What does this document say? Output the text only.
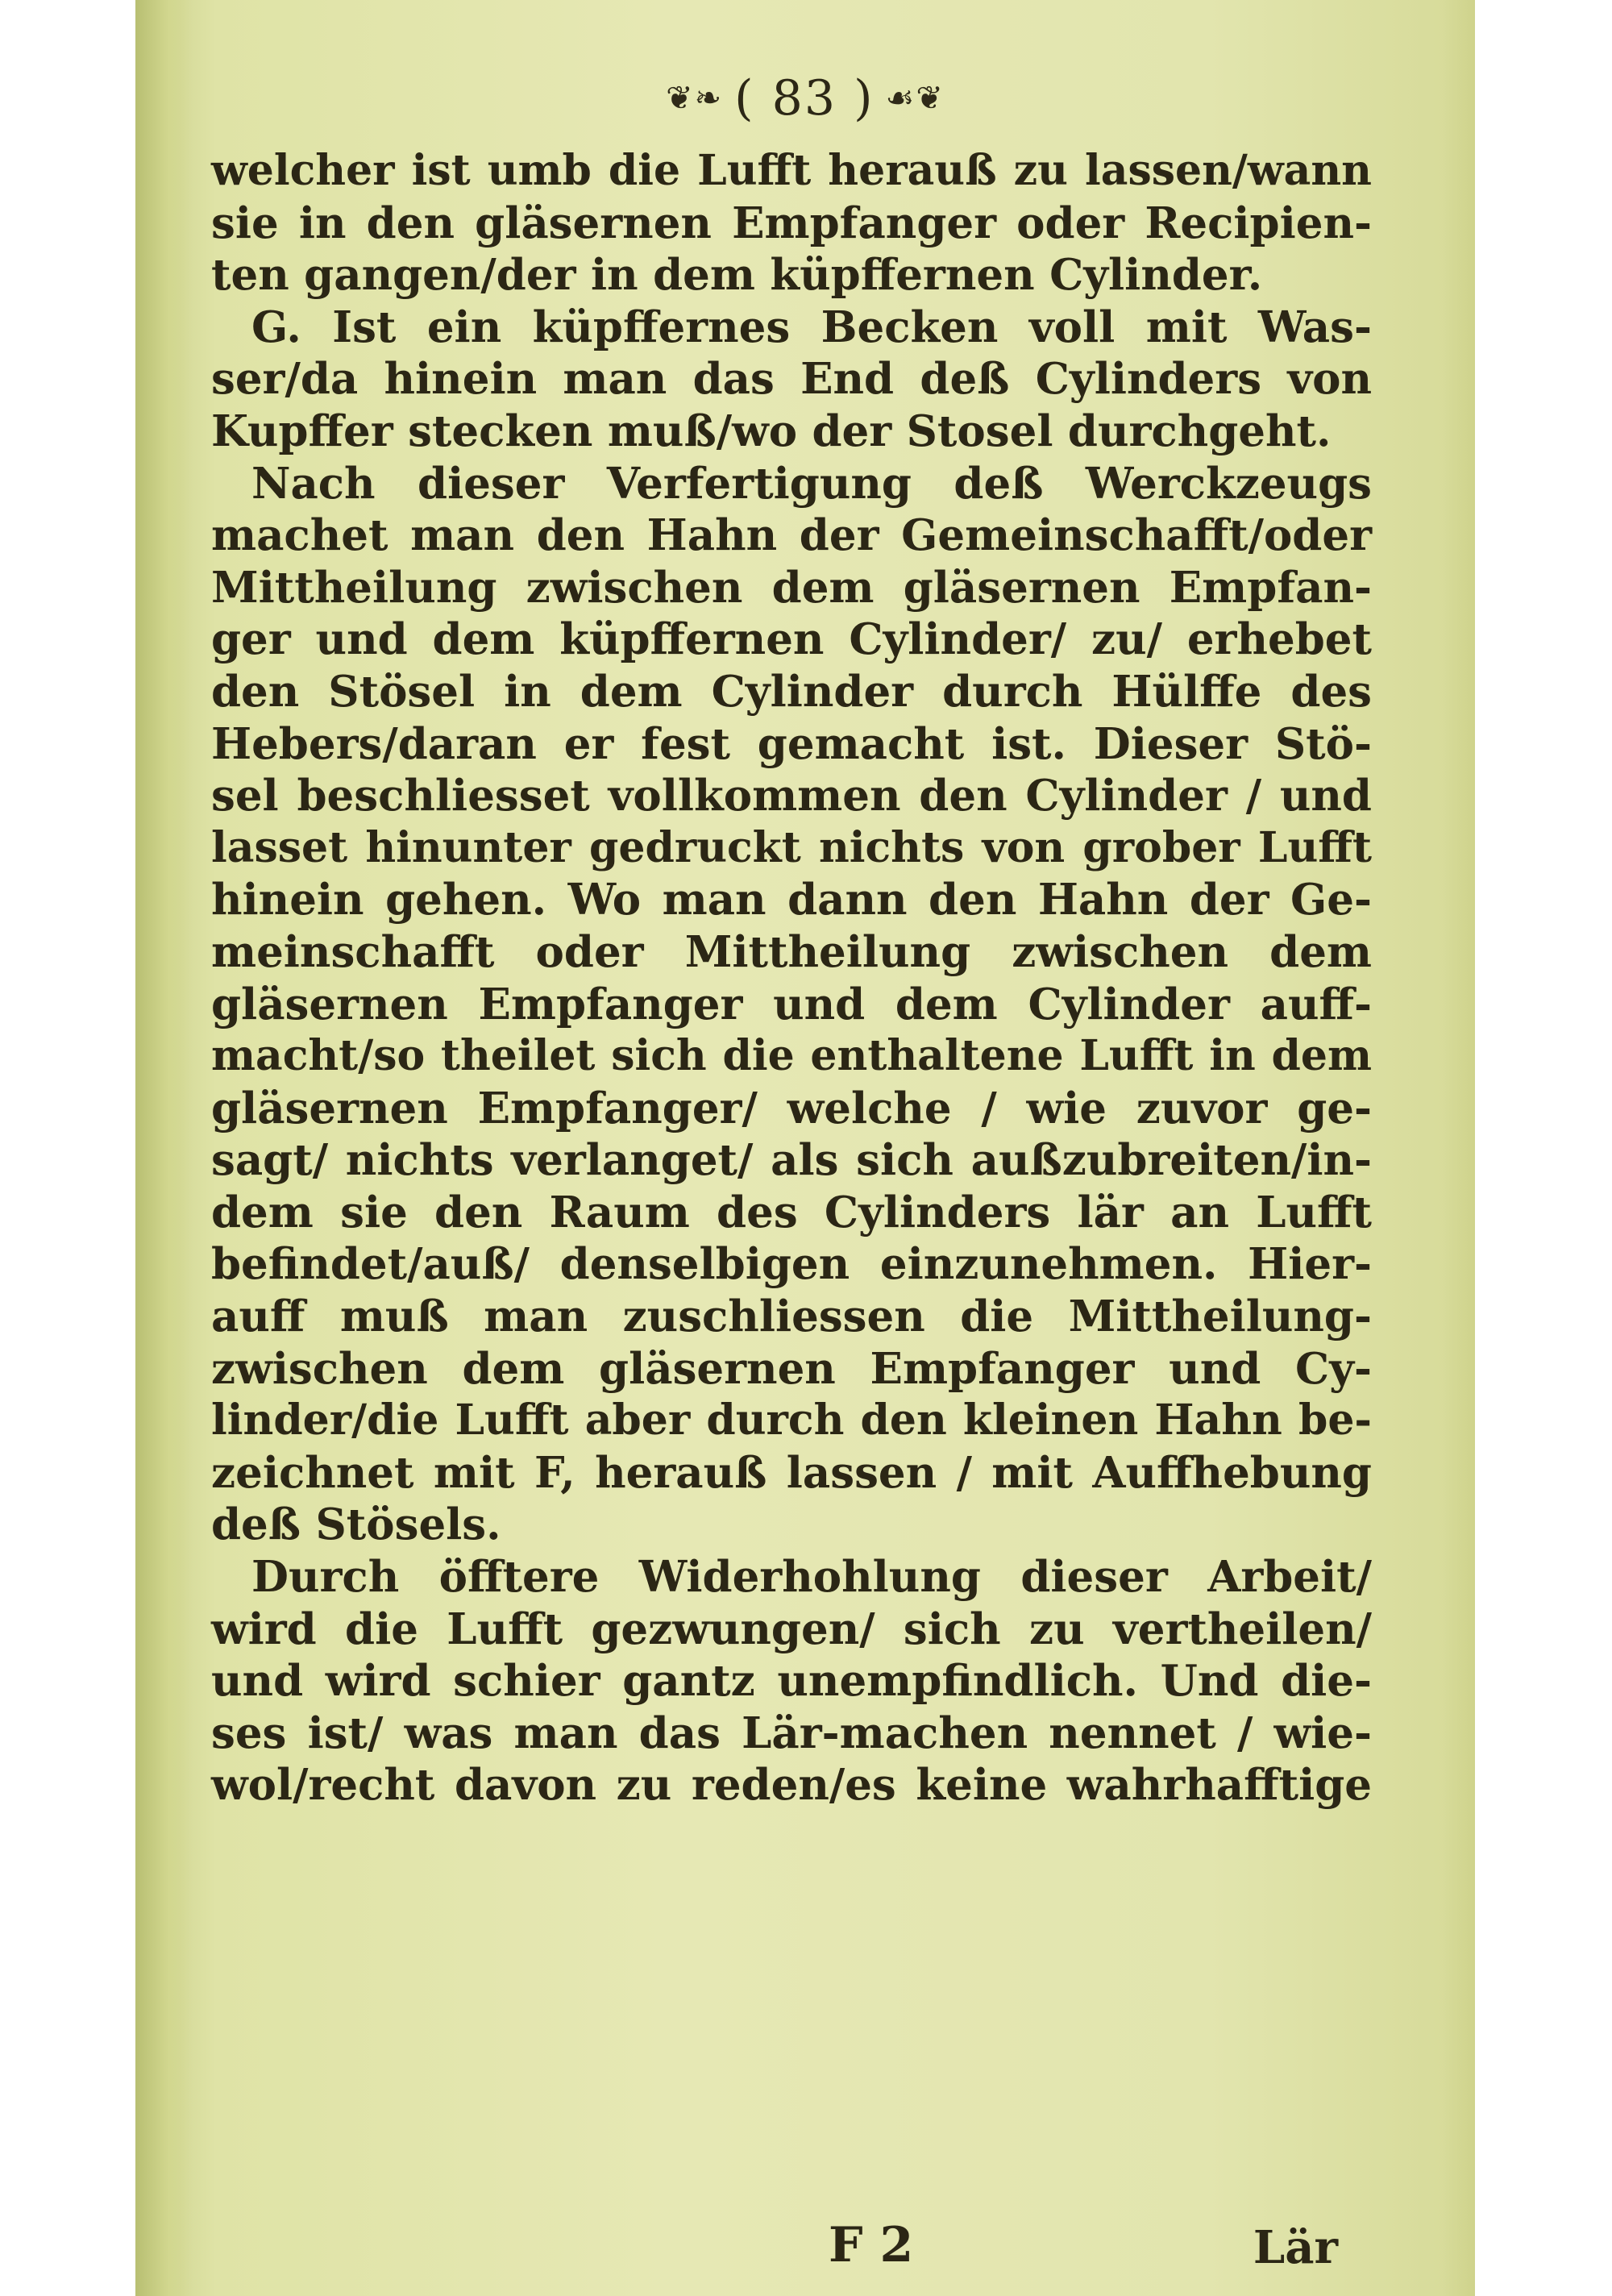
❦❧ ( 83 ) ☙❦
welcher ist umb die Lufft herauß zu lassen/wann
sie in den gläsernen Empfanger oder Recipien-
ten gangen/der in dem küpffernen Cylinder.
G. Ist ein küpffernes Becken voll mit Was-
ser/da hinein man das End deß Cylinders von
Kupffer stecken muß/wo der Stosel durchgeht.
Nach dieser Verfertigung deß Werckzeugs
machet man den Hahn der Gemeinschafft/oder
Mittheilung zwischen dem gläsernen Empfan-
ger und dem küpffernen Cylinder/ zu/ erhebet
den Stösel in dem Cylinder durch Hülffe des
Hebers/daran er fest gemacht ist. Dieser Stö-
sel beschliesset vollkommen den Cylinder / und
lasset hinunter gedruckt nichts von grober Lufft
hinein gehen. Wo man dann den Hahn der Ge-
meinschafft oder Mittheilung zwischen dem
gläsernen Empfanger und dem Cylinder auff-
macht/so theilet sich die enthaltene Lufft in dem
gläsernen Empfanger/ welche / wie zuvor ge-
sagt/ nichts verlanget/ als sich außzubreiten/in-
dem sie den Raum des Cylinders lär an Lufft
befindet/auß/ denselbigen einzunehmen. Hier-
auff muß man zuschliessen die Mittheilung-
zwischen dem gläsernen Empfanger und Cy-
linder/die Lufft aber durch den kleinen Hahn be-
zeichnet mit F, herauß lassen / mit Auffhebung
deß Stösels.
Durch öfftere Widerhohlung dieser Arbeit/
wird die Lufft gezwungen/ sich zu vertheilen/
und wird schier gantz unempfindlich. Und die-
ses ist/ was man das Lär-machen nennet / wie-
wol/recht davon zu reden/es keine wahrhafftige
F 2	Lär
